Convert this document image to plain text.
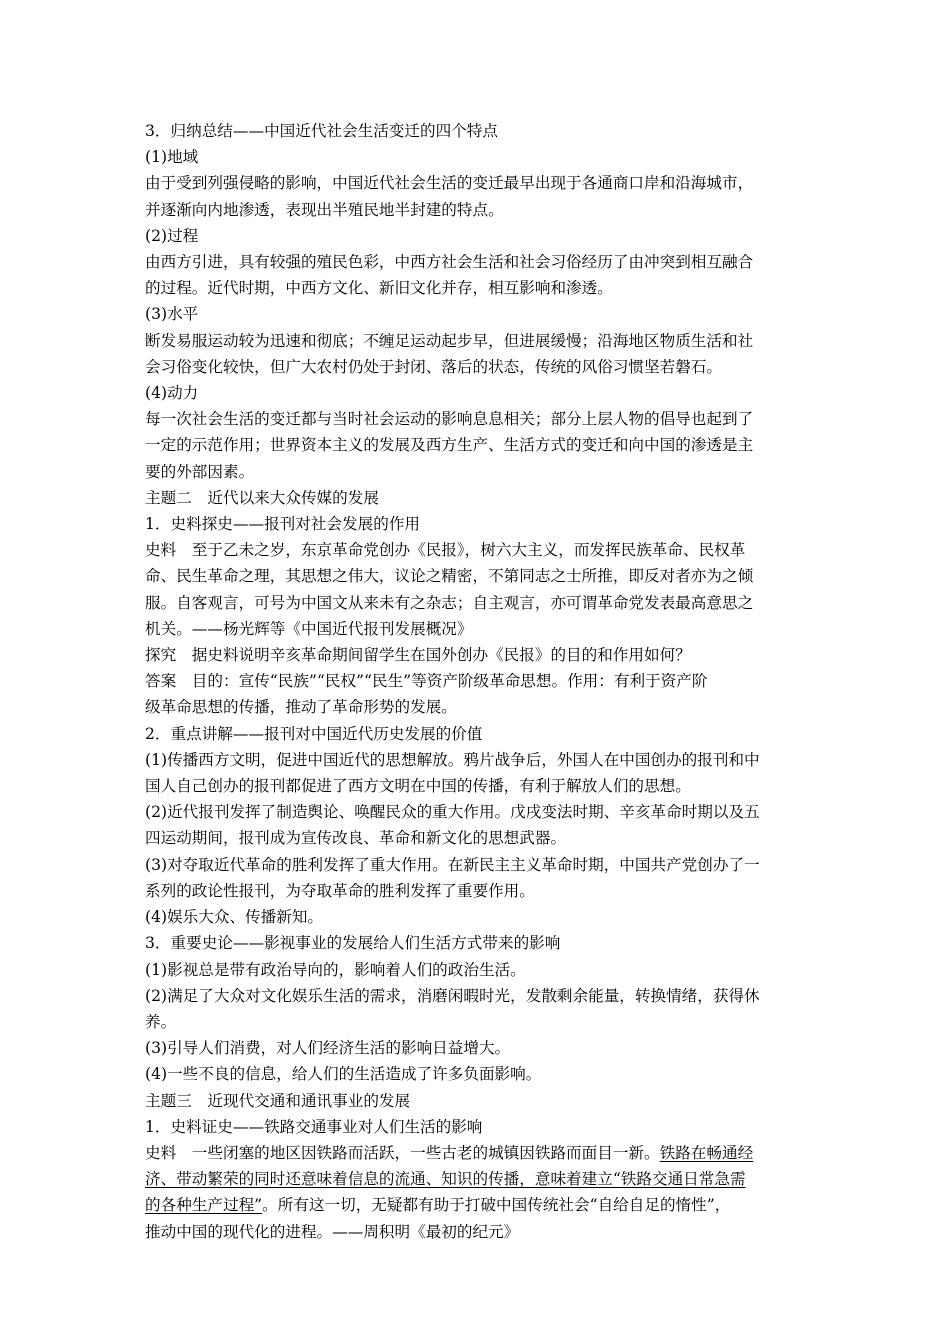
3．归纳总结——中国近代社会生活变迁的四个特点
(1)地域
由于受到列强侵略的影响，中国近代社会生活的变迁最早出现于各通商口岸和沿海城市，
并逐渐向内地渗透，表现出半殖民地半封建的特点。
(2)过程
由西方引进，具有较强的殖民色彩，中西方社会生活和社会习俗经历了由冲突到相互融合
的过程。近代时期，中西方文化、新旧文化并存，相互影响和渗透。
(3)水平
断发易服运动较为迅速和彻底；不缠足运动起步早，但进展缓慢；沿海地区物质生活和社
会习俗变化较快，但广大农村仍处于封闭、落后的状态，传统的风俗习惯坚若磐石。
(4)动力
每一次社会生活的变迁都与当时社会运动的影响息息相关；部分上层人物的倡导也起到了
一定的示范作用；世界资本主义的发展及西方生产、生活方式的变迁和向中国的渗透是主
要的外部因素。
主题二　近代以来大众传媒的发展
1．史料探史——报刊对社会发展的作用
史料　至于乙未之岁，东京革命党创办《民报》，树六大主义，而发挥民族革命、民权革
命、民生革命之理，其思想之伟大，议论之精密，不第同志之士所推，即反对者亦为之倾
服。自客观言，可号为中国文从来未有之杂志；自主观言，亦可谓革命党发表最高意思之
机关。——杨光辉等《中国近代报刊发展概况》
探究　据史料说明辛亥革命期间留学生在国外创办《民报》的目的和作用如何？
答案　目的：宣传“民族”“民权”“民生”等资产阶级革命思想。作用：有利于资产阶
级革命思想的传播，推动了革命形势的发展。
2．重点讲解——报刊对中国近代历史发展的价值
(1)传播西方文明，促进中国近代的思想解放。鸦片战争后，外国人在中国创办的报刊和中
国人自己创办的报刊都促进了西方文明在中国的传播，有利于解放人们的思想。
(2)近代报刊发挥了制造舆论、唤醒民众的重大作用。戊戌变法时期、辛亥革命时期以及五
四运动期间，报刊成为宣传改良、革命和新文化的思想武器。
(3)对夺取近代革命的胜利发挥了重大作用。在新民主主义革命时期，中国共产党创办了一
系列的政论性报刊，为夺取革命的胜利发挥了重要作用。
(4)娱乐大众、传播新知。
3．重要史论——影视事业的发展给人们生活方式带来的影响
(1)影视总是带有政治导向的，影响着人们的政治生活。
(2)满足了大众对文化娱乐生活的需求，消磨闲暇时光，发散剩余能量，转换情绪，获得休
养。
(3)引导人们消费，对人们经济生活的影响日益增大。
(4)一些不良的信息，给人们的生活造成了许多负面影响。
主题三　近现代交通和通讯事业的发展
1．史料证史——铁路交通事业对人们生活的影响
史料　一些闭塞的地区因铁路而活跃，一些古老的城镇因铁路而面目一新。铁路在畅通经
济、带动繁荣的同时还意味着信息的流通、知识的传播，意味着建立“铁路交通日常急需
的各种生产过程”。所有这一切，无疑都有助于打破中国传统社会“自给自足的惰性”，
推动中国的现代化的进程。——周积明《最初的纪元》
